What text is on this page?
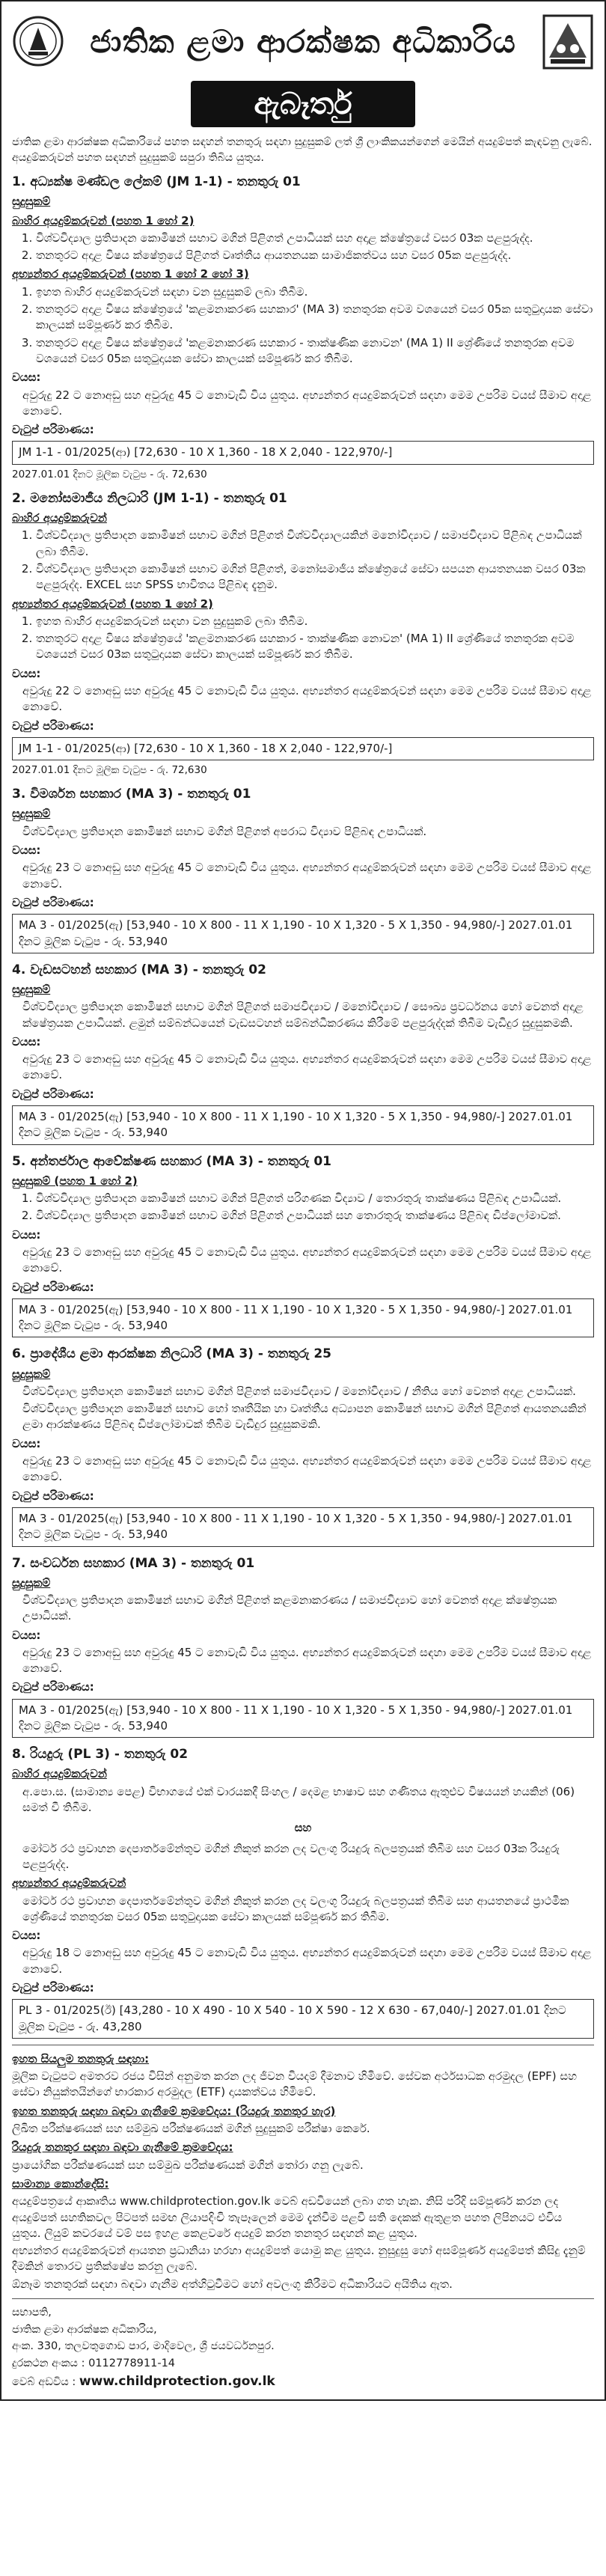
ජාතික ළමා ආරක්ෂක අධිකාරිය
ඇබෑර්තු

ජාතික ළමා ආරක්ෂක අධිකාරියේ පහත සඳහන් තනතුරු සඳහා සුදුසුකම් ලත් ශ්‍රී ලාංකිකයන්ගෙන් මෙයින් අයදුම්පත් කැඳවනු ලැබේ. අයදුම්කරුවන් පහත සඳහන් සුදුසුකම් සපුරා තිබිය යුතුය.

1. අධ්‍යක්ෂ මණ්ඩල ලේකම් (JM 1-1) - තනතුරු 01
සුදුසුකම්
බාහිර අයදුම්කරුවන් (පහත 1 හෝ 2)
1. විශ්වවිද්‍යාල ප්‍රතිපාදන කොමිෂන් සභාව මගින් පිළිගත් උපාධියක් සහ අදාළ ක්ෂේත්‍රයේ වසර 03ක පළපුරුද්ද.
2. තනතුරට අදාළ විෂය ක්ෂේත්‍රයේ පිළිගත් වෘත්තීය ආයතනයක සාමාජිකත්වය සහ වසර 05ක පළපුරුද්ද.
අභ්‍යන්තර අයදුම්කරුවන් (පහත 1 හෝ 2 හෝ 3)
1. ඉහත බාහිර අයදුම්කරුවන් සඳහා වන සුදුසුකම් ලබා තිබීම.
2. තනතුරට අදාළ විෂය ක්ෂේත්‍රයේ 'කළමනාකරණ සහකාර' (MA 3) තනතුරක අවම වශයෙන් වසර 05ක සතුටුදායක සේවා කාලයක් සම්පූර්ණ කර තිබීම.
3. තනතුරට අදාළ විෂය ක්ෂේත්‍රයේ 'කළමනාකරණ සහකාර - තාක්ෂණික නොවන' (MA 1) II ශ්‍රේණියේ තනතුරක අවම වශයෙන් වසර 05ක සතුටුදායක සේවා කාලයක් සම්පූර්ණ කර තිබීම.
වයස:

අවුරුදු 22 ට නොඅඩු සහ අවුරුදු 45 ට නොවැඩි විය යුතුය. අභ්‍යන්තර අයදුම්කරුවන් සඳහා මෙම උපරිම වයස් සීමාව අදාළ නොවේ.

වැටුප් පරිමාණය:
JM 1-1 - 01/2025(ආ) [72,630 - 10 X 1,360 - 18 X 2,040 - 122,970/-]

2027.01.01 දිනට මූලික වැටුප - රු. 72,630

2. මනෝසමාජීය නිලධාරි (JM 1-1) - තනතුරු 01
බාහිර අයදුම්කරුවන්
1. විශ්වවිද්‍යාල ප්‍රතිපාදන කොමිෂන් සභාව මගින් පිළිගත් විශ්වවිද්‍යාලයකින් මනෝවිද්‍යාව / සමාජවිද්‍යාව පිළිබඳ උපාධියක් ලබා තිබීම.
2. විශ්වවිද්‍යාල ප්‍රතිපාදන කොමිෂන් සභාව මගින් පිළිගත්, මනෝසමාජීය ක්ෂේත්‍රයේ සේවා සපයන ආයතනයක වසර 03ක පළපුරුද්ද. EXCEL සහ SPSS භාවිතය පිළිබඳ දැනුම.
අභ්‍යන්තර අයදුම්කරුවන් (පහත 1 හෝ 2)
1. ඉහත බාහිර අයදුම්කරුවන් සඳහා වන සුදුසුකම් ලබා තිබීම.
2. තනතුරට අදාළ විෂය ක්ෂේත්‍රයේ 'කළමනාකරණ සහකාර - තාක්ෂණික නොවන' (MA 1) II ශ්‍රේණියේ තනතුරක අවම වශයෙන් වසර 03ක සතුටුදායක සේවා කාලයක් සම්පූර්ණ කර තිබීම.
වයස:

අවුරුදු 22 ට නොඅඩු සහ අවුරුදු 45 ට නොවැඩි විය යුතුය. අභ්‍යන්තර අයදුම්කරුවන් සඳහා මෙම උපරිම වයස් සීමාව අදාළ නොවේ.

වැටුප් පරිමාණය:
JM 1-1 - 01/2025(ආ) [72,630 - 10 X 1,360 - 18 X 2,040 - 122,970/-]

2027.01.01 දිනට මූලික වැටුප - රු. 72,630

3. විමර්ශන සහකාර (MA 3) - තනතුරු 01
සුදුසුකම්

විශ්වවිද්‍යාල ප්‍රතිපාදන කොමිෂන් සභාව මගින් පිළිගත් අපරාධ විද්‍යාව පිළිබඳ උපාධියක්.

වයස:

අවුරුදු 23 ට නොඅඩු සහ අවුරුදු 45 ට නොවැඩි විය යුතුය. අභ්‍යන්තර අයදුම්කරුවන් සඳහා මෙම උපරිම වයස් සීමාව අදාළ නොවේ.

වැටුප් පරිමාණය:
MA 3 - 01/2025(ඇ) [53,940 - 10 X 800 - 11 X 1,190 - 10 X 1,320 - 5 X 1,350 - 94,980/-] 2027.01.01 දිනට මූලික වැටුප - රු. 53,940
4. වැඩසටහන් සහකාර (MA 3) - තනතුරු 02
සුදුසුකම්

විශ්වවිද්‍යාල ප්‍රතිපාදන කොමිෂන් සභාව මගින් පිළිගත් සමාජවිද්‍යාව / මනෝවිද්‍යාව / සෞඛ්‍ය ප්‍රවර්ධනය හෝ වෙනත් අදාළ ක්ෂේත්‍රයක උපාධියක්. ළමුන් සම්බන්ධයෙන් වැඩසටහන් සම්බන්ධීකරණය කිරීමේ පළපුරුද්දක් තිබීම වැඩිදුර සුදුසුකමකි.

වයස:

අවුරුදු 23 ට නොඅඩු සහ අවුරුදු 45 ට නොවැඩි විය යුතුය. අභ්‍යන්තර අයදුම්කරුවන් සඳහා මෙම උපරිම වයස් සීමාව අදාළ නොවේ.

වැටුප් පරිමාණය:
MA 3 - 01/2025(ඇ) [53,940 - 10 X 800 - 11 X 1,190 - 10 X 1,320 - 5 X 1,350 - 94,980/-] 2027.01.01 දිනට මූලික වැටුප - රු. 53,940
5. අන්තර්ජාල ආවේක්ෂණ සහකාර (MA 3) - තනතුරු 01
සුදුසුකම් (පහත 1 හෝ 2)
1. විශ්වවිද්‍යාල ප්‍රතිපාදන කොමිෂන් සභාව මගින් පිළිගත් පරිගණක විද්‍යාව / තොරතුරු තාක්ෂණය පිළිබඳ උපාධියක්.
2. විශ්වවිද්‍යාල ප්‍රතිපාදන කොමිෂන් සභාව මගින් පිළිගත් උපාධියක් සහ තොරතුරු තාක්ෂණය පිළිබඳ ඩිප්ලෝමාවක්.
වයස:

අවුරුදු 23 ට නොඅඩු සහ අවුරුදු 45 ට නොවැඩි විය යුතුය. අභ්‍යන්තර අයදුම්කරුවන් සඳහා මෙම උපරිම වයස් සීමාව අදාළ නොවේ.

වැටුප් පරිමාණය:
MA 3 - 01/2025(ඇ) [53,940 - 10 X 800 - 11 X 1,190 - 10 X 1,320 - 5 X 1,350 - 94,980/-] 2027.01.01 දිනට මූලික වැටුප - රු. 53,940
6. ප්‍රාදේශීය ළමා ආරක්ෂක නිලධාරි (MA 3) - තනතුරු 25
සුදුසුකම්

විශ්වවිද්‍යාල ප්‍රතිපාදන කොමිෂන් සභාව මගින් පිළිගත් සමාජවිද්‍යාව / මනෝවිද්‍යාව / නීතිය හෝ වෙනත් අදාළ උපාධියක්.

විශ්වවිද්‍යාල ප්‍රතිපාදන කොමිෂන් සභාව හෝ තෘතීයික හා වෘත්තීය අධ්‍යාපන කොමිෂන් සභාව මගින් පිළිගත් ආයතනයකින් ළමා ආරක්ෂණය පිළිබඳ ඩිප්ලෝමාවක් තිබීම වැඩිදුර සුදුසුකමකි.

වයස:

අවුරුදු 23 ට නොඅඩු සහ අවුරුදු 45 ට නොවැඩි විය යුතුය. අභ්‍යන්තර අයදුම්කරුවන් සඳහා මෙම උපරිම වයස් සීමාව අදාළ නොවේ.

වැටුප් පරිමාණය:
MA 3 - 01/2025(ඇ) [53,940 - 10 X 800 - 11 X 1,190 - 10 X 1,320 - 5 X 1,350 - 94,980/-] 2027.01.01 දිනට මූලික වැටුප - රු. 53,940
7. සංවර්ධන සහකාර (MA 3) - තනතුරු 01
සුදුසුකම්

විශ්වවිද්‍යාල ප්‍රතිපාදන කොමිෂන් සභාව මගින් පිළිගත් කළමනාකරණය / සමාජවිද්‍යාව හෝ වෙනත් අදාළ ක්ෂේත්‍රයක උපාධියක්.

වයස:

අවුරුදු 23 ට නොඅඩු සහ අවුරුදු 45 ට නොවැඩි විය යුතුය. අභ්‍යන්තර අයදුම්කරුවන් සඳහා මෙම උපරිම වයස් සීමාව අදාළ නොවේ.

වැටුප් පරිමාණය:
MA 3 - 01/2025(ඇ) [53,940 - 10 X 800 - 11 X 1,190 - 10 X 1,320 - 5 X 1,350 - 94,980/-] 2027.01.01 දිනට මූලික වැටුප - රු. 53,940
8. රියදුරු (PL 3) - තනතුරු 02
බාහිර අයදුම්කරුවන්

අ.පො.ස. (සාමාන්‍ය පෙළ) විභාගයේ එක් වාරයකදී සිංහල / දෙමළ භාෂාව සහ ගණිතය ඇතුළුව විෂයයන් හයකින් (06) සමත් වී තිබීම.

සහ

මෝටර් රථ ප්‍රවාහන දෙපාර්තමේන්තුව මගින් නිකුත් කරන ලද වලංගු රියදුරු බලපත්‍රයක් තිබීම සහ වසර 03ක රියදුරු පළපුරුද්ද.

අභ්‍යන්තර අයදුම්කරුවන්

මෝටර් රථ ප්‍රවාහන දෙපාර්තමේන්තුව මගින් නිකුත් කරන ලද වලංගු රියදුරු බලපත්‍රයක් තිබීම සහ ආයතනයේ ප්‍රාථමික ශ්‍රේණියේ තනතුරක වසර 05ක සතුටුදායක සේවා කාලයක් සම්පූර්ණ කර තිබීම.

වයස:

අවුරුදු 18 ට නොඅඩු සහ අවුරුදු 45 ට නොවැඩි විය යුතුය. අභ්‍යන්තර අයදුම්කරුවන් සඳහා මෙම උපරිම වයස් සීමාව අදාළ නොවේ.

වැටුප් පරිමාණය:
PL 3 - 01/2025(ඊ) [43,280 - 10 X 490 - 10 X 540 - 10 X 590 - 12 X 630 - 67,040/-] 2027.01.01 දිනට මූලික වැටුප - රු. 43,280
ඉහත සියලුම තනතුරු සඳහා:

මූලික වැටුපට අමතරව රජය විසින් අනුමත කරන ලද ජීවන වියදම් දීමනාව හිමිවේ. සේවක අර්ථසාධක අරමුදල (EPF) සහ සේවා නියුක්තයින්ගේ භාරකාර අරමුදල (ETF) දායකත්වය හිමිවේ.

ඉහත තනතුරු සඳහා බඳවා ගැනීමේ ක්‍රමවේදය: (රියදුරු තනතුර හැර)

ලිඛිත පරීක්ෂණයක් සහ සම්මුඛ පරීක්ෂණයක් මගින් සුදුසුකම් පරීක්ෂා කෙරේ.

රියදුරු තනතුර සඳහා බඳවා ගැනීමේ ක්‍රමවේදය:

ප්‍රායෝගික පරීක්ෂණයක් සහ සම්මුඛ පරීක්ෂණයක් මගින් තෝරා ගනු ලැබේ.

සාමාන්‍ය කොන්දේසි:

අයදුම්පත්‍රයේ ආකෘතිය www.childprotection.gov.lk වෙබ් අඩවියෙන් ලබා ගත හැක. නිසි පරිදි සම්පූර්ණ කරන ලද අයදුම්පත් සහතිකවල පිටපත් සමඟ ලියාපදිංචි තැපෑලෙන් මෙම දැන්වීම පළවී සති දෙකක් ඇතුළත පහත ලිපිනයට එවිය යුතුය. ලියුම් කවරයේ වම් පස ඉහළ කෙළවරේ අයදුම් කරන තනතුර සඳහන් කළ යුතුය.

අභ්‍යන්තර අයදුම්කරුවන් ආයතන ප්‍රධානියා හරහා අයදුම්පත් යොමු කළ යුතුය. නුසුදුසු හෝ අසම්පූර්ණ අයදුම්පත් කිසිදු දැනුම් දීමකින් තොරව ප්‍රතික්ෂේප කරනු ලැබේ.

ඕනෑම තනතුරක් සඳහා බඳවා ගැනීම අත්හිටුවීමට හෝ අවලංගු කිරීමට අධිකාරියට අයිතිය ඇත.

සභාපති,

ජාතික ළමා ආරක්ෂක අධිකාරිය,

අංක. 330, තලවතුගොඩ පාර, මාදිවෙල, ශ්‍රී ජයවර්ධනපුර.

දුරකථන අංකය : 0112778911-14

වෙබ් අඩවිය : www.childprotection.gov.lk
